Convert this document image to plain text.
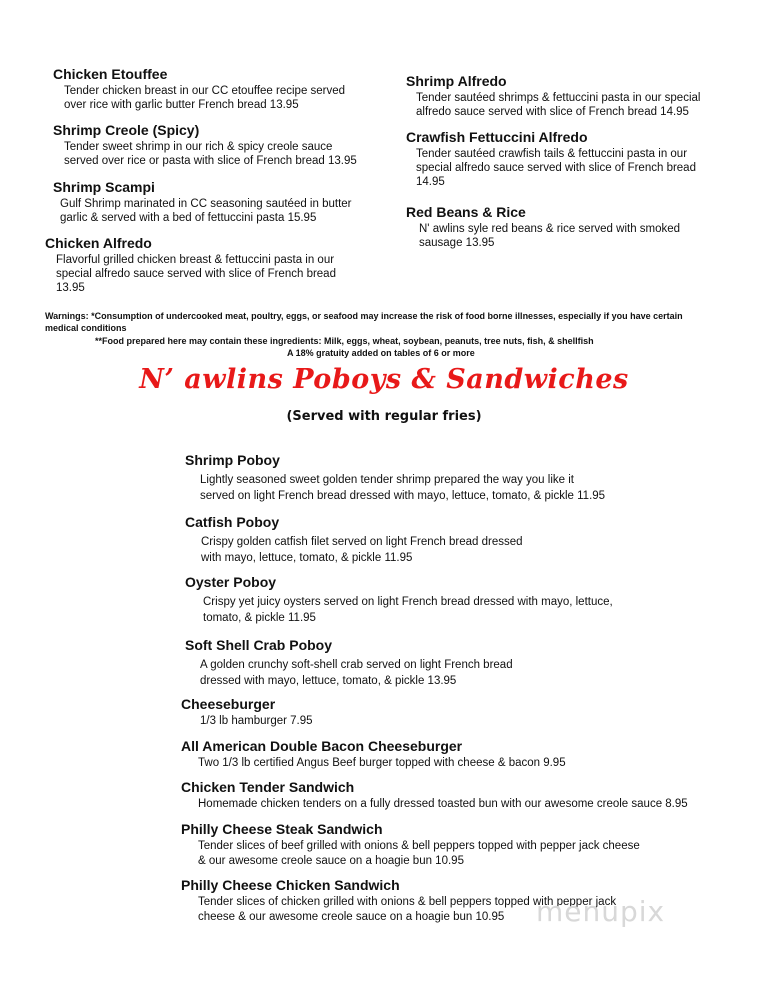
Chicken Etouffee
Tender chicken breast in our CC etouffee recipe served
over rice with garlic butter French bread 13.95
Shrimp Creole (Spicy)
Tender sweet shrimp in our rich & spicy creole sauce
served over rice or pasta with slice of French bread 13.95
Shrimp Scampi
Gulf Shrimp marinated in CC seasoning sautéed in butter
garlic & served with a bed of fettuccini pasta 15.95
Chicken Alfredo
Flavorful grilled chicken breast & fettuccini pasta in our
special alfredo sauce served with slice of French bread
13.95
Shrimp Alfredo
Tender sautéed shrimps & fettuccini pasta in our special
alfredo sauce served with slice of French bread 14.95
Crawfish Fettuccini Alfredo
Tender sautéed crawfish tails & fettuccini pasta in our
special alfredo sauce served with slice of French bread
14.95
Red Beans & Rice
N' awlins syle red beans & rice served with smoked
sausage 13.95
Warnings: *Consumption of undercooked meat, poultry, eggs, or seafood may increase the risk of food borne illnesses, especially if you have certain
medical conditions
**Food prepared here may contain these ingredients: Milk, eggs, wheat, soybean, peanuts, tree nuts, fish, & shellfish
A 18% gratuity added on tables of 6 or more
N’ awlins Poboys & Sandwiches
(Served with regular fries)
Shrimp Poboy
Lightly seasoned sweet golden tender shrimp prepared the way you like it
served on light French bread dressed with mayo, lettuce, tomato, & pickle 11.95
Catfish Poboy
Crispy golden catfish filet served on light French bread dressed
with mayo, lettuce, tomato, & pickle 11.95
Oyster Poboy
Crispy yet juicy oysters served on light French bread dressed with mayo, lettuce,
tomato, & pickle 11.95
Soft Shell Crab Poboy
A golden crunchy soft-shell crab served on light French bread
dressed with mayo, lettuce, tomato, & pickle 13.95
Cheeseburger
1/3 lb hamburger 7.95
All American Double Bacon Cheeseburger
Two 1/3 lb certified Angus Beef burger topped with cheese & bacon 9.95
Chicken Tender Sandwich
Homemade chicken tenders on a fully dressed toasted bun with our awesome creole sauce 8.95
Philly Cheese Steak Sandwich
Tender slices of beef grilled with onions & bell peppers topped with pepper jack cheese
& our awesome creole sauce on a hoagie bun 10.95
Philly Cheese Chicken Sandwich
Tender slices of chicken grilled with onions & bell peppers topped with pepper jack
cheese & our awesome creole sauce on a hoagie bun 10.95	menupix
